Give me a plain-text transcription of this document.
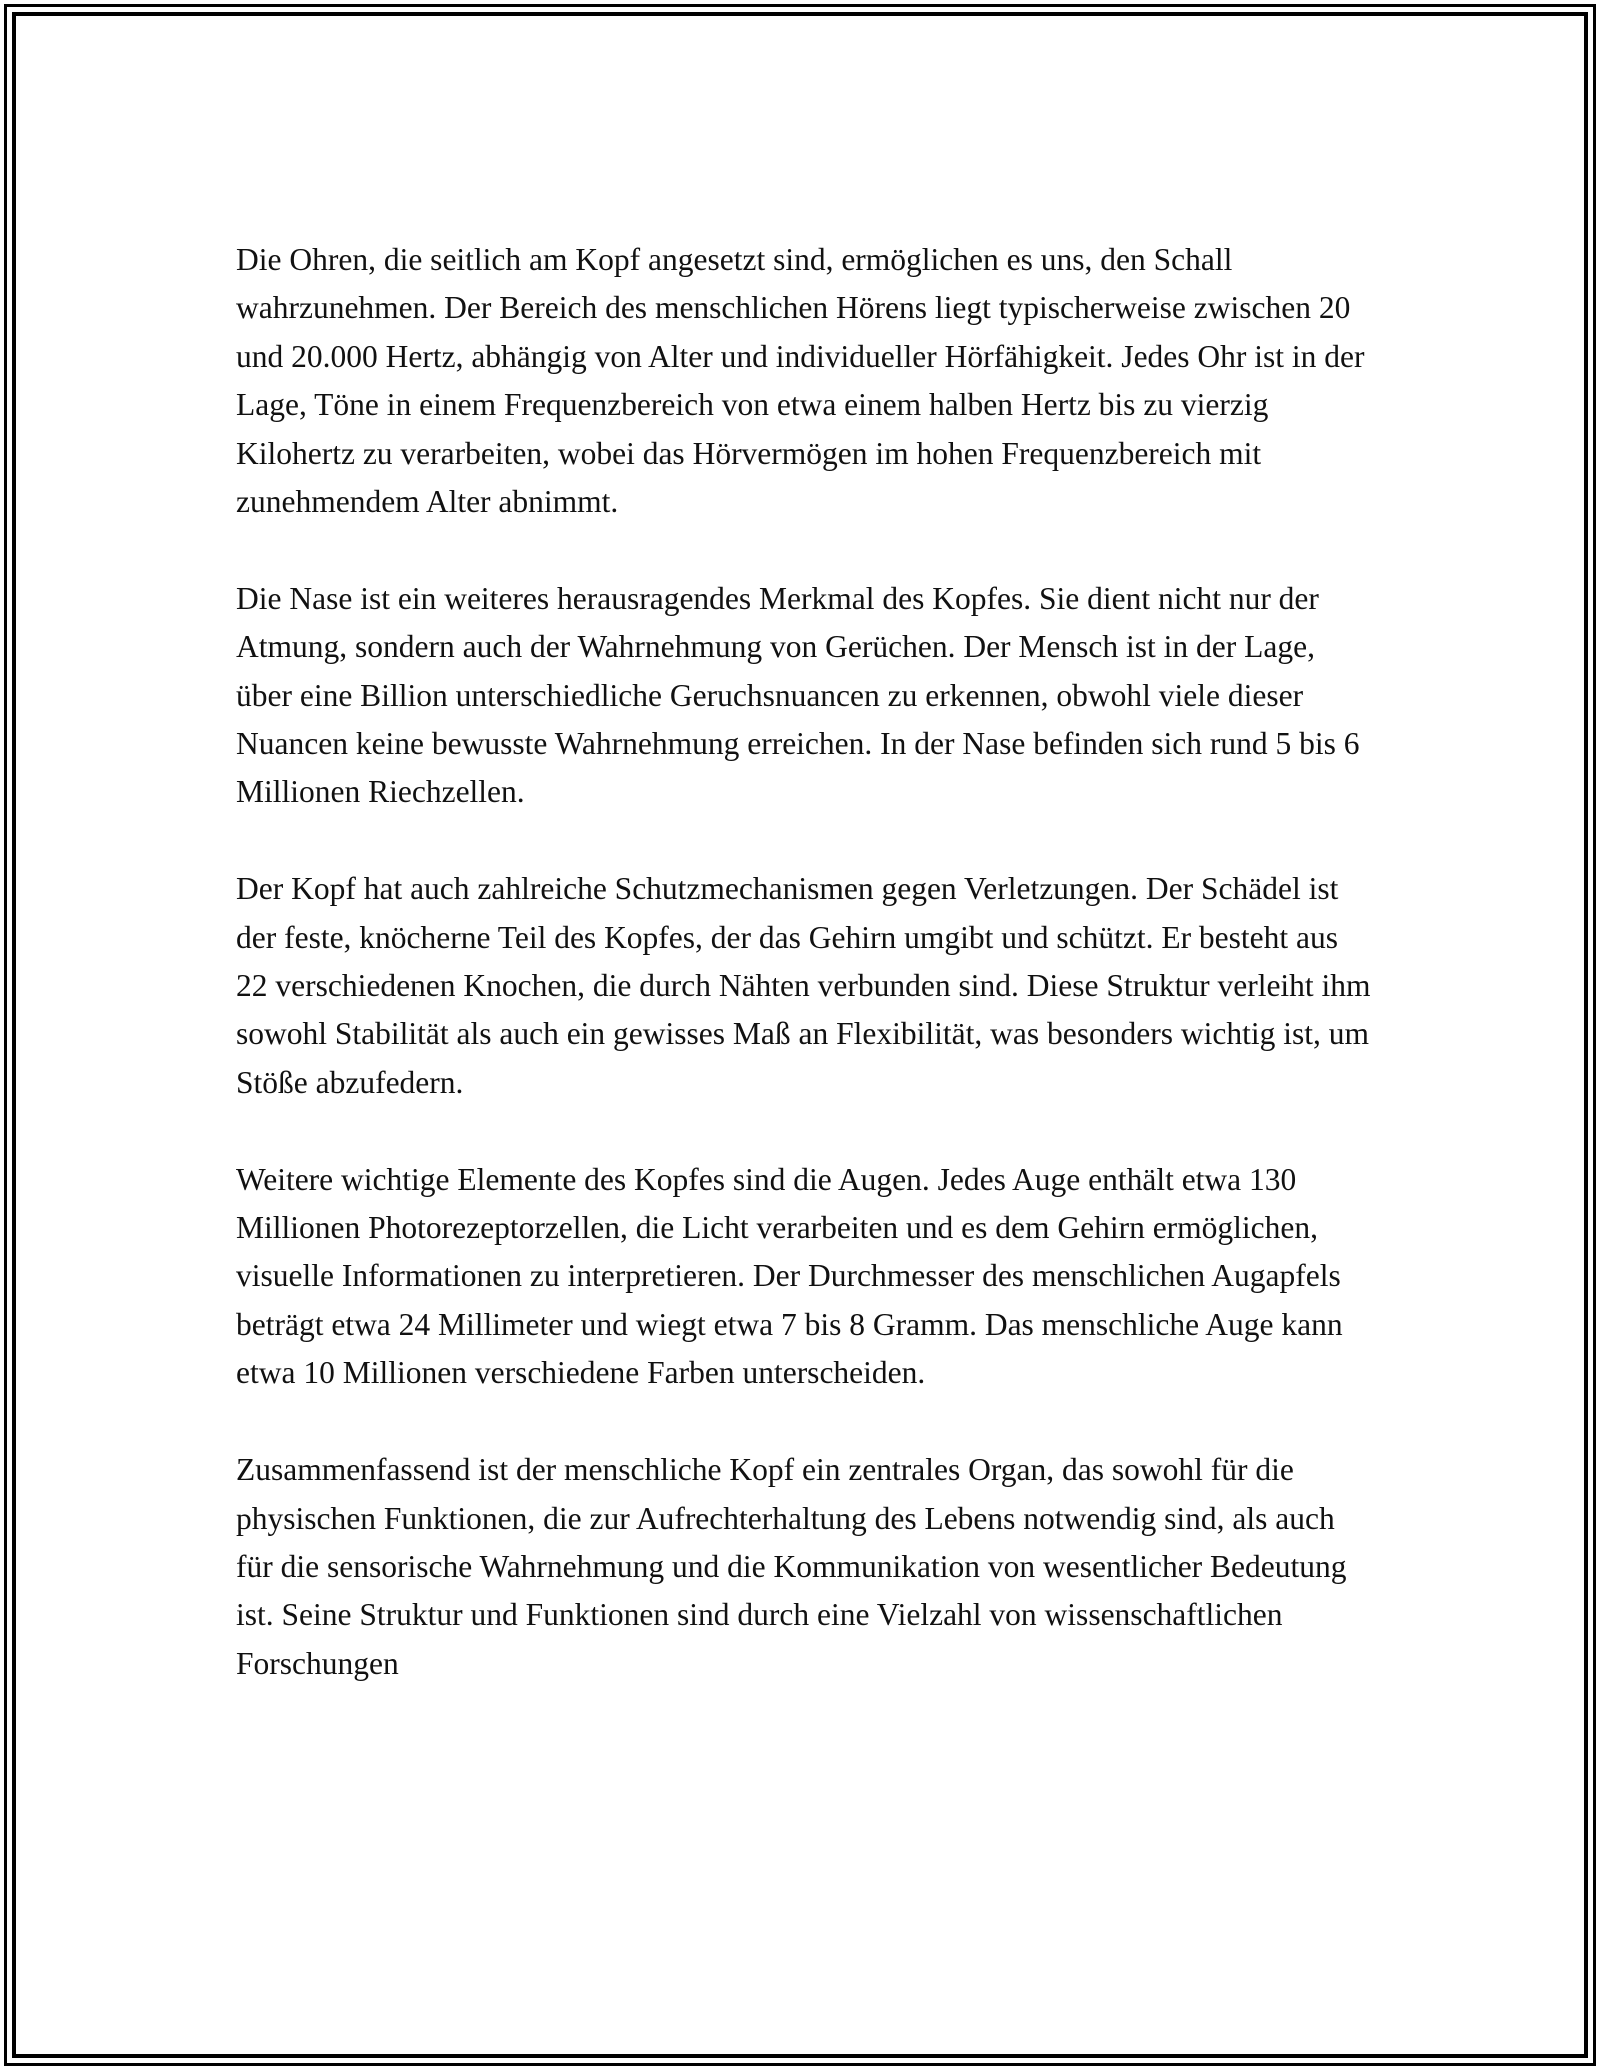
Die Ohren, die seitlich am Kopf angesetzt sind, ermöglichen es uns, den Schall wahrzunehmen. Der Bereich des menschlichen Hörens liegt typischerweise zwischen 20 und 20.000 Hertz, abhängig von Alter und individueller Hörfähigkeit. Jedes Ohr ist in der Lage, Töne in einem Frequenzbereich von etwa einem halben Hertz bis zu vierzig Kilohertz zu verarbeiten, wobei das Hörvermögen im hohen Frequenzbereich mit zunehmendem Alter abnimmt.

Die Nase ist ein weiteres herausragendes Merkmal des Kopfes. Sie dient nicht nur der Atmung, sondern auch der Wahrnehmung von Gerüchen. Der Mensch ist in der Lage, über eine Billion unterschiedliche Geruchsnuancen zu erkennen, obwohl viele dieser Nuancen keine bewusste Wahrnehmung erreichen. In der Nase befinden sich rund 5 bis 6 Millionen Riechzellen.

Der Kopf hat auch zahlreiche Schutzmechanismen gegen Verletzungen. Der Schädel ist der feste, knöcherne Teil des Kopfes, der das Gehirn umgibt und schützt. Er besteht aus 22 verschiedenen Knochen, die durch Nähten verbunden sind. Diese Struktur verleiht ihm sowohl Stabilität als auch ein gewisses Maß an Flexibilität, was besonders wichtig ist, um Stöße abzufedern.

Weitere wichtige Elemente des Kopfes sind die Augen. Jedes Auge enthält etwa 130 Millionen Photorezeptorzellen, die Licht verarbeiten und es dem Gehirn ermöglichen, visuelle Informationen zu interpretieren. Der Durchmesser des menschlichen Augapfels beträgt etwa 24 Millimeter und wiegt etwa 7 bis 8 Gramm. Das menschliche Auge kann etwa 10 Millionen verschiedene Farben unterscheiden.

Zusammenfassend ist der menschliche Kopf ein zentrales Organ, das sowohl für die physischen Funktionen, die zur Aufrechterhaltung des Lebens notwendig sind, als auch für die sensorische Wahrnehmung und die Kommunikation von wesentlicher Bedeutung ist. Seine Struktur und Funktionen sind durch eine Vielzahl von wissenschaftlichen Forschungen
